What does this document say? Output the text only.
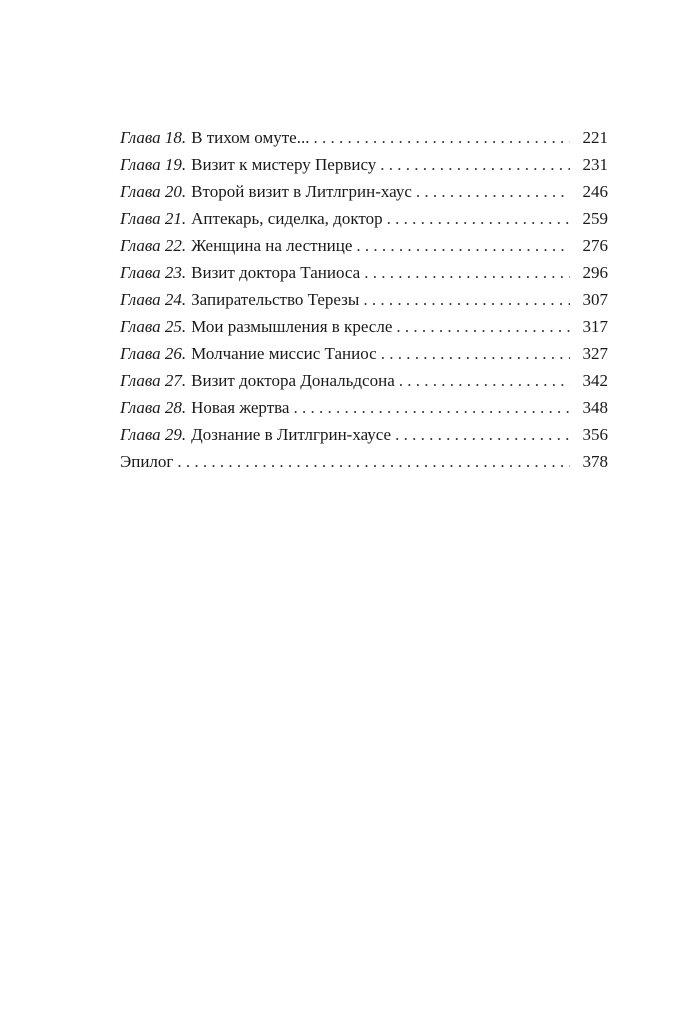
Глава 18. В тихом омуте... . . .	221
Глава 19. Визит к мистеру Первису . . .	231
Глава 20. Второй визит в Литлгрин-хаус . . .	246
Глава 21. Аптекарь, сиделка, доктор . . .	259
Глава 22. Женщина на лестнице . . .	276
Глава 23. Визит доктора Таниоса . . .	296
Глава 24. Запирательство Терезы . . .	307
Глава 25. Мои размышления в кресле . . .	317
Глава 26. Молчание миссис Таниос . . .	327
Глава 27. Визит доктора Дональдсона . . .	342
Глава 28. Новая жертва . . .	348
Глава 29. Дознание в Литлгрин-хаусе . . .	356
Эпилог . . .	378
